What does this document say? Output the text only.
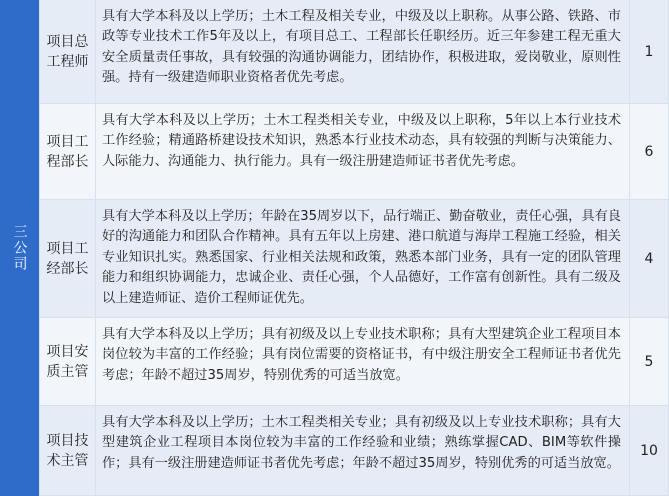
三公司
项目总工程师
具有大学本科及以上学历；土木工程及相关专业，中级及以上职称。从事公路、铁路、市政等专业技术工作5年及以上，有项目总工、工程部长任职经历。近三年参建工程无重大安全质量责任事故，具有较强的沟通协调能力，团结协作，积极进取，爱岗敬业，原则性强。持有一级建造师职业资格者优先考虑。
1
项目工程部长
具有大学本科及以上学历；土木工程类相关专业，中级及以上职称，5年以上本行业技术工作经验；精通路桥建设技术知识，熟悉本行业技术动态，具有较强的判断与决策能力、人际能力、沟通能力、执行能力。具有一级注册建造师证书者优先考虑。
6
项目工经部长
具有大学本科及以上学历；年龄在35周岁以下，品行端正、勤奋敬业，责任心强，具有良好的沟通能力和团队合作精神。具有五年以上房建、港口航道与海岸工程施工经验，相关专业知识扎实。熟悉国家、行业相关法规和政策，熟悉本部门业务，具有一定的团队管理能力和组织协调能力，忠诚企业、责任心强，个人品德好，工作富有创新性。具有二级及以上建造师证、造价工程师证优先。
4
项目安质主管
具有大学本科及以上学历；具有初级及以上专业技术职称；具有大型建筑企业工程项目本岗位较为丰富的工作经验；具有岗位需要的资格证书，有中级注册安全工程师证书者优先考虑；年龄不超过35周岁，特别优秀的可适当放宽。
5
项目技术主管
具有大学本科及以上学历；土木工程类相关专业；具有初级及以上专业技术职称；具有大型建筑企业工程项目本岗位较为丰富的工作经验和业绩；熟练掌握CAD、BIM等软件操作；具有一级注册建造师证书者优先考虑；年龄不超过35周岁，特别优秀的可适当放宽。
10
